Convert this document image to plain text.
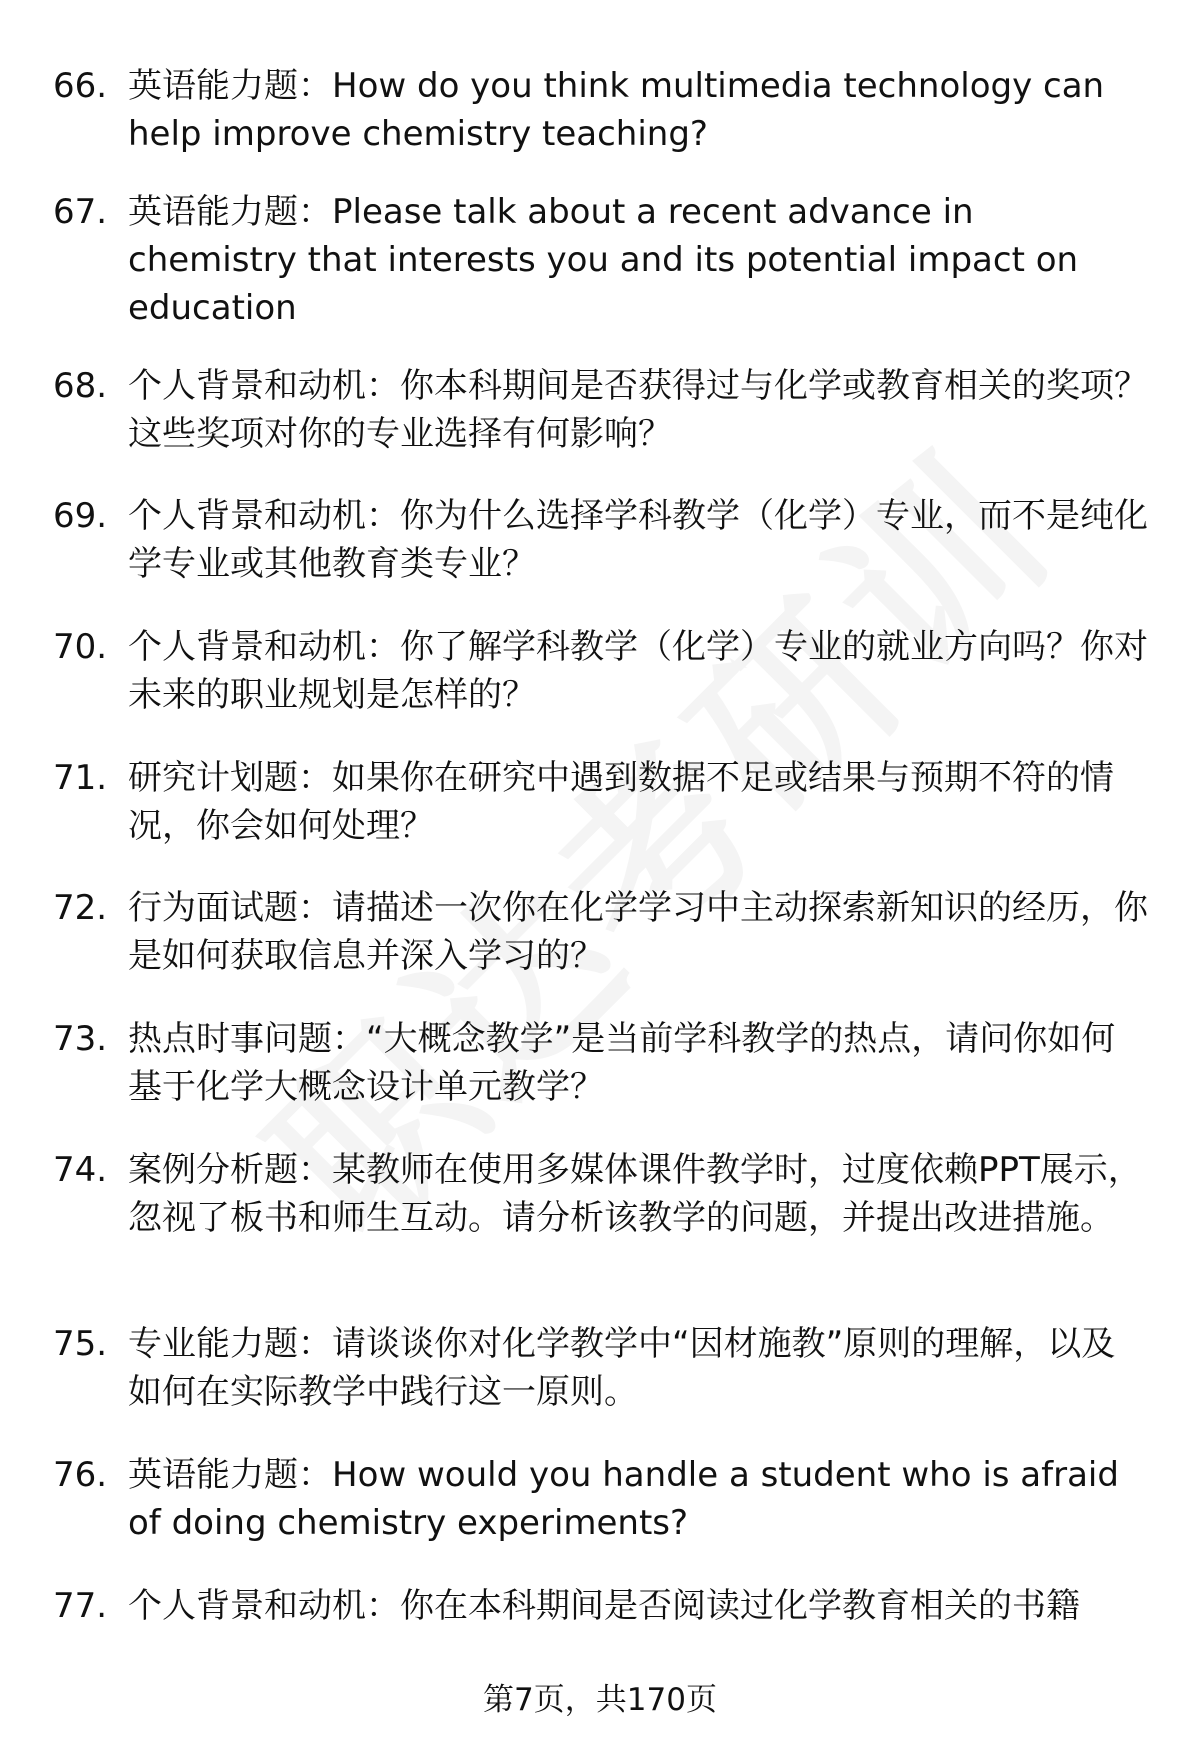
66. 英语能力题：How do you think multimedia technology can help improve chemistry teaching?
67. 英语能力题：Please talk about a recent advance in chemistry that interests you and its potential impact on education
68. 个人背景和动机：你本科期间是否获得过与化学或教育相关的奖项？这些奖项对你的专业选择有何影响？
69. 个人背景和动机：你为什么选择学科教学（化学）专业，而不是纯化学专业或其他教育类专业？
70. 个人背景和动机：你了解学科教学（化学）专业的就业方向吗？你对未来的职业规划是怎样的？
71. 研究计划题：如果你在研究中遇到数据不足或结果与预期不符的情况，你会如何处理？
72. 行为面试题：请描述一次你在化学学习中主动探索新知识的经历，你是如何获取信息并深入学习的？
73. 热点时事问题：“大概念教学”是当前学科教学的热点，请问你如何基于化学大概念设计单元教学？
74. 案例分析题：某教师在使用多媒体课件教学时，过度依赖PPT展示，忽视了板书和师生互动。请分析该教学的问题，并提出改进措施。
75. 专业能力题：请谈谈你对化学教学中“因材施教”原则的理解，以及如何在实际教学中践行这一原则。
76. 英语能力题：How would you handle a student who is afraid of doing chemistry experiments?
77. 个人背景和动机：你在本科期间是否阅读过化学教育相关的书籍
第7页，共170页
